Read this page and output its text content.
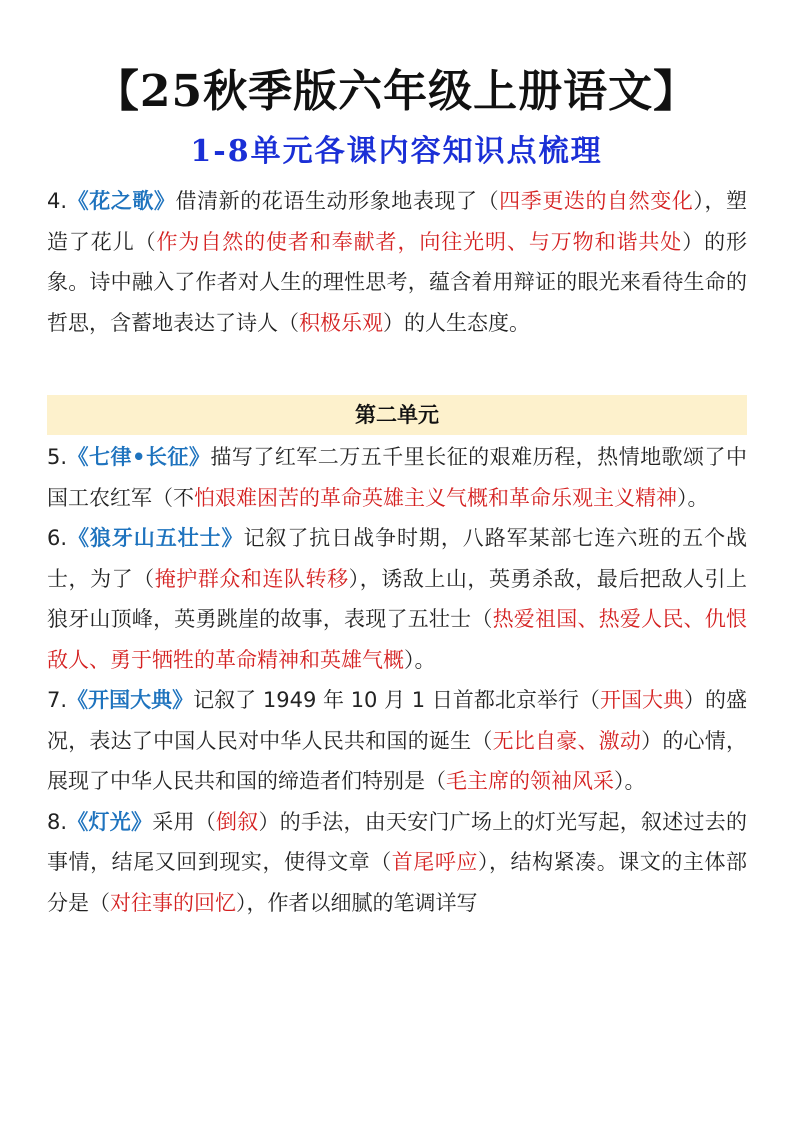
【25秋季版六年级上册语文】
1-8单元各课内容知识点梳理

4.《花之歌》借清新的花语生动形象地表现了（四季更迭的自然变化），塑造了花儿（作为自然的使者和奉献者，向往光明、与万物和谐共处）的形象。诗中融入了作者对人生的理性思考，蕴含着用辩证的眼光来看待生命的哲思，含蓄地表达了诗人（积极乐观）的人生态度。

第二单元

5.《七律•长征》描写了红军二万五千里长征的艰难历程，热情地歌颂了中国工农红军（不怕艰难困苦的革命英雄主义气概和革命乐观主义精神）。

6.《狼牙山五壮士》记叙了抗日战争时期，八路军某部七连六班的五个战士，为了（掩护群众和连队转移），诱敌上山，英勇杀敌，最后把敌人引上狼牙山顶峰，英勇跳崖的故事，表现了五壮士（热爱祖国、热爱人民、仇恨敌人、勇于牺牲的革命精神和英雄气概）。

7.《开国大典》记叙了 1949 年 10 月 1 日首都北京举行（开国大典）的盛况，表达了中国人民对中华人民共和国的诞生（无比自豪、激动）的心情，展现了中华人民共和国的缔造者们特别是（毛主席的领袖风采）。

8.《灯光》采用（倒叙）的手法，由天安门广场上的灯光写起，叙述过去的事情，结尾又回到现实，使得文章（首尾呼应），结构紧凑。课文的主体部分是（对往事的回忆），作者以细腻的笔调详写
